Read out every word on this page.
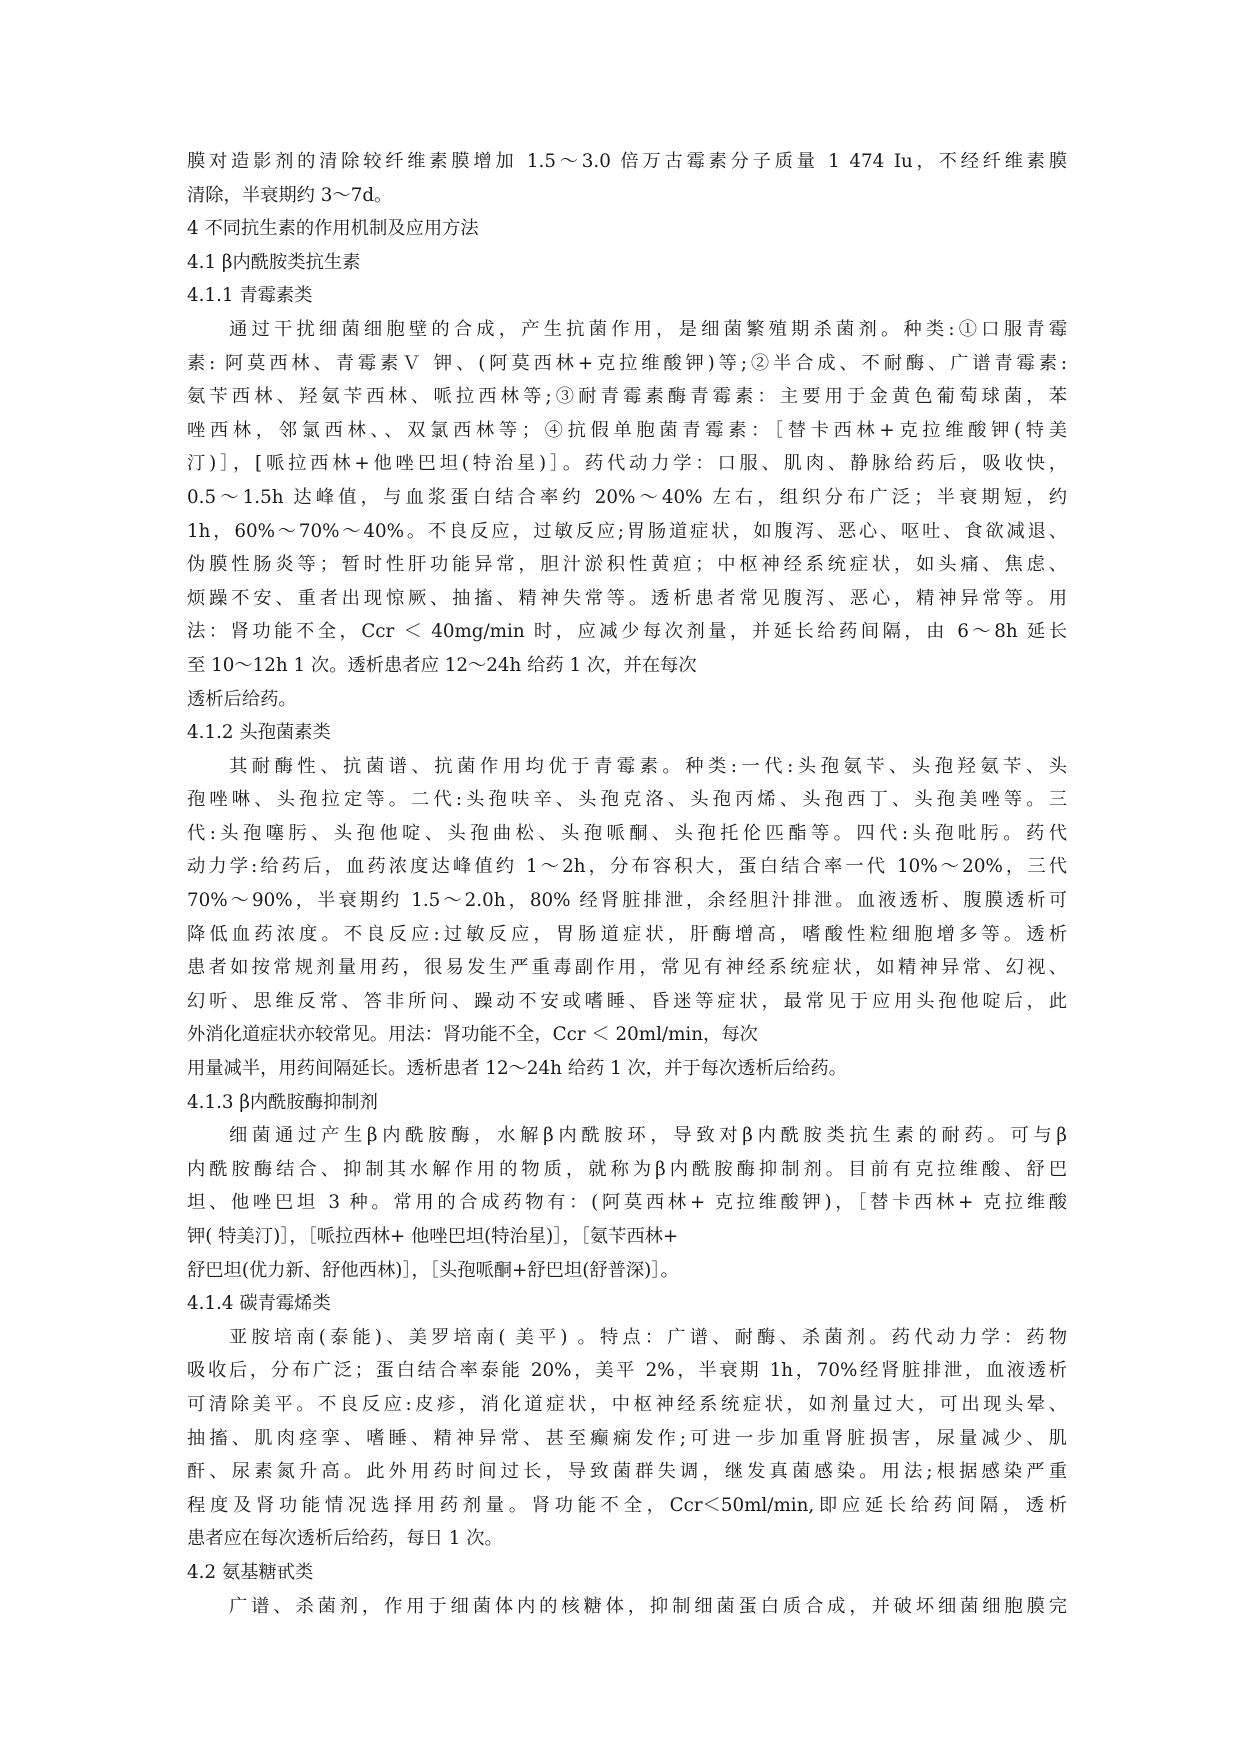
膜对造影剂的清除较纤维素膜增加 1.5～3.0 倍万古霉素分子质量 1 474 Iu，不经纤维素膜
清除，半衰期约 3～7d。
4 不同抗生素的作用机制及应用方法
4.1 β内酰胺类抗生素
4.1.1 青霉素类
通过干扰细菌细胞壁的合成，产生抗菌作用，是细菌繁殖期杀菌剂。种类:①口服青霉
素: 阿莫西林、青霉素Ｖ 钾、(阿莫西林+克拉维酸钾)等;②半合成、不耐酶、广谱青霉素:
氨苄西林、羟氨苄西林、哌拉西林等;③耐青霉素酶青霉素：主要用于金黄色葡萄球菌，苯
唑西林，邻氯西林、、双氯西林等；④抗假单胞菌青霉素：［替卡西林+克拉维酸钾(特美
汀)］，[哌拉西林+他唑巴坦(特治星)］。药代动力学：口服、肌肉、静脉给药后，吸收快，
0.5～1.5h 达峰值，与血浆蛋白结合率约 20%～40% 左右，组织分布广泛；半衰期短，约
1h，60%～70%～40%。不良反应，过敏反应;胃肠道症状，如腹泻、恶心、呕吐、食欲减退、
伪膜性肠炎等；暂时性肝功能异常，胆汁淤积性黄疸；中枢神经系统症状，如头痛、焦虑、
烦躁不安、重者出现惊厥、抽搐、精神失常等。透析患者常见腹泻、恶心，精神异常等。用
法：肾功能不全，Ccr ＜ 40mg/min 时，应减少每次剂量，并延长给药间隔，由 6～8h 延长
至 10～12h 1 次。透析患者应 12～24h 给药 1 次，并在每次
透析后给药。
4.1.2 头孢菌素类
其耐酶性、抗菌谱、抗菌作用均优于青霉素。种类:一代:头孢氨苄、头孢羟氨苄、头
孢唑啉、头孢拉定等。二代:头孢呋辛、头孢克洛、头孢丙烯、头孢西丁、头孢美唑等。三
代:头孢噻肟、头孢他啶、头孢曲松、头孢哌酮、头孢托伦匹酯等。四代:头孢吡肟。药代
动力学:给药后，血药浓度达峰值约 1～2h，分布容积大，蛋白结合率一代 10%～20%，三代
70%～90%，半衰期约 1.5～2.0h，80% 经肾脏排泄，余经胆汁排泄。血液透析、腹膜透析可
降低血药浓度。不良反应:过敏反应，胃肠道症状，肝酶增高，嗜酸性粒细胞增多等。透析
患者如按常规剂量用药，很易发生严重毒副作用，常见有神经系统症状，如精神异常、幻视、
幻听、思维反常、答非所问、躁动不安或嗜睡、昏迷等症状，最常见于应用头孢他啶后，此
外消化道症状亦较常见。用法：肾功能不全，Ccr ＜ 20ml/min，每次
用量减半，用药间隔延长。透析患者 12～24h 给药 1 次，并于每次透析后给药。
4.1.3 β内酰胺酶抑制剂
细菌通过产生β内酰胺酶，水解β内酰胺环，导致对β内酰胺类抗生素的耐药。可与β
内酰胺酶结合、抑制其水解作用的物质，就称为β内酰胺酶抑制剂。目前有克拉维酸、舒巴
坦、他唑巴坦 3 种。常用的合成药物有：(阿莫西林+ 克拉维酸钾)，［替卡西林+ 克拉维酸
钾( 特美汀)］，［哌拉西林+ 他唑巴坦(特治星)］，［氨苄西林+
舒巴坦(优力新、舒他西林)］，［头孢哌酮+舒巴坦(舒普深)］。
4.1.4 碳青霉烯类
亚胺培南(泰能)、美罗培南( 美平) 。特点：广谱、耐酶、杀菌剂。药代动力学：药物
吸收后，分布广泛；蛋白结合率泰能 20%，美平 2%，半衰期 1h，70%经肾脏排泄，血液透析
可清除美平。不良反应:皮疹，消化道症状，中枢神经系统症状，如剂量过大，可出现头晕、
抽搐、肌肉痉挛、嗜睡、精神异常、甚至癫痫发作;可进一步加重肾脏损害，尿量减少、肌
酐、尿素氮升高。此外用药时间过长，导致菌群失调，继发真菌感染。用法;根据感染严重
程度及肾功能情况选择用药剂量。肾功能不全，Ccr＜50ml/min,即应延长给药间隔，透析
患者应在每次透析后给药，每日 1 次。
4.2 氨基糖甙类
广谱、杀菌剂，作用于细菌体内的核糖体，抑制细菌蛋白质合成，并破坏细菌细胞膜完
